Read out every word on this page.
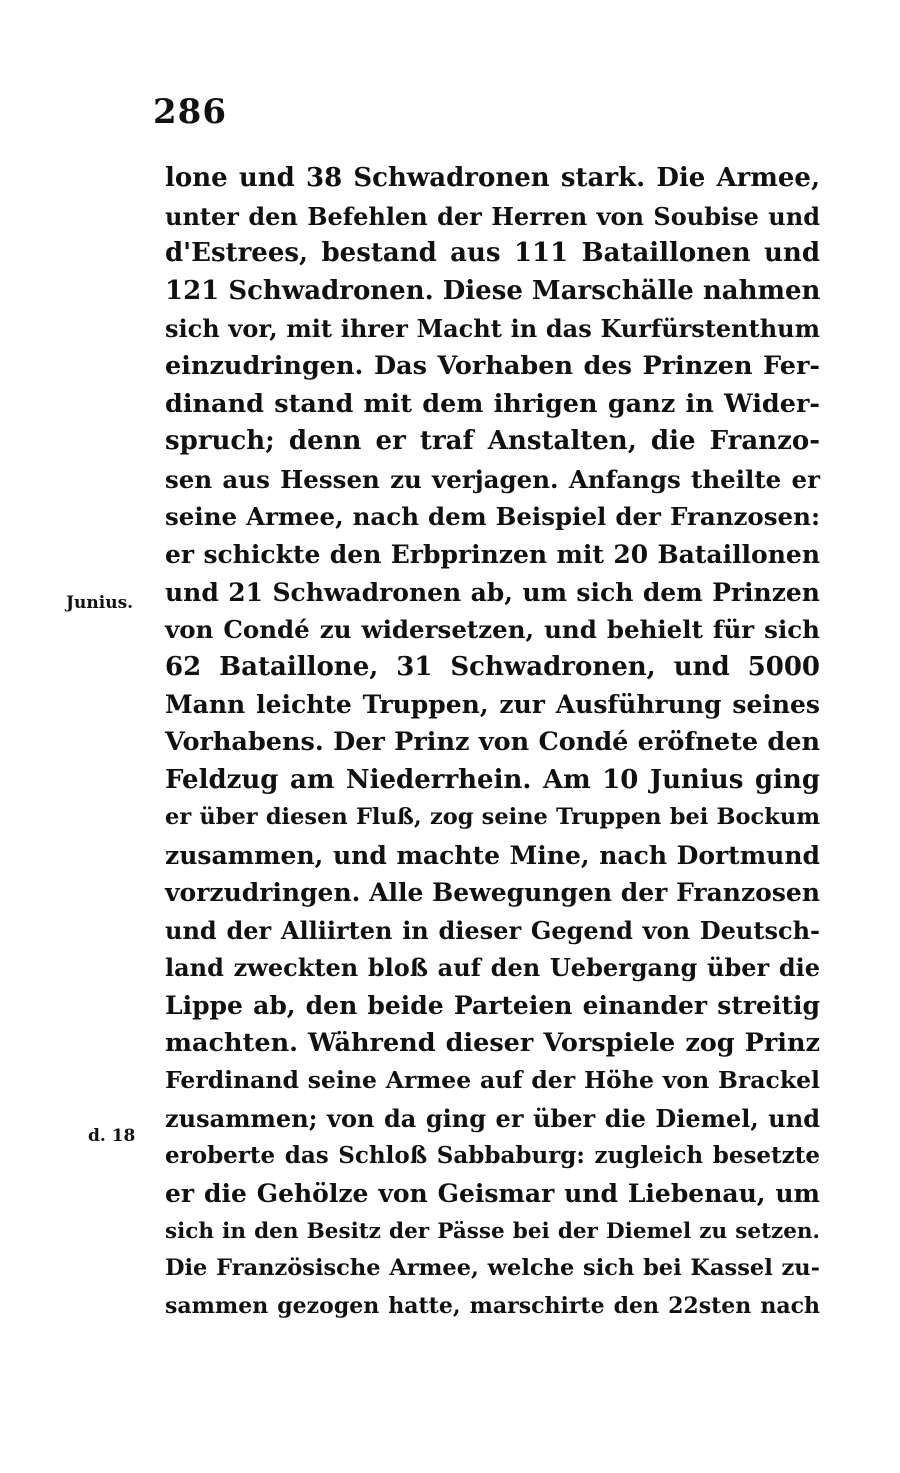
286
Junius.
d. 18
lone und 38 Schwadronen stark. Die Armee,
unter den Befehlen der Herren von Soubise und
d'Estrees, bestand aus 111 Bataillonen und
121 Schwadronen. Diese Marschälle nahmen
sich vor, mit ihrer Macht in das Kurfürstenthum
einzudringen. Das Vorhaben des Prinzen Fer-
dinand stand mit dem ihrigen ganz in Wider-
spruch; denn er traf Anstalten, die Franzo-
sen aus Hessen zu verjagen. Anfangs theilte er
seine Armee, nach dem Beispiel der Franzosen:
er schickte den Erbprinzen mit 20 Bataillonen
und 21 Schwadronen ab, um sich dem Prinzen
von Condé zu widersetzen, und behielt für sich
62 Bataillone, 31 Schwadronen, und 5000
Mann leichte Truppen, zur Ausführung seines
Vorhabens. Der Prinz von Condé eröfnete den
Feldzug am Niederrhein. Am 10 Junius ging
er über diesen Fluß, zog seine Truppen bei Bockum
zusammen, und machte Mine, nach Dortmund
vorzudringen. Alle Bewegungen der Franzosen
und der Alliirten in dieser Gegend von Deutsch-
land zweckten bloß auf den Uebergang über die
Lippe ab, den beide Parteien einander streitig
machten. Während dieser Vorspiele zog Prinz
Ferdinand seine Armee auf der Höhe von Brackel
zusammen; von da ging er über die Diemel, und
eroberte das Schloß Sabbaburg: zugleich besetzte
er die Gehölze von Geismar und Liebenau, um
sich in den Besitz der Pässe bei der Diemel zu setzen.
Die Französische Armee, welche sich bei Kassel zu-
sammen gezogen hatte, marschirte den 22sten nach
